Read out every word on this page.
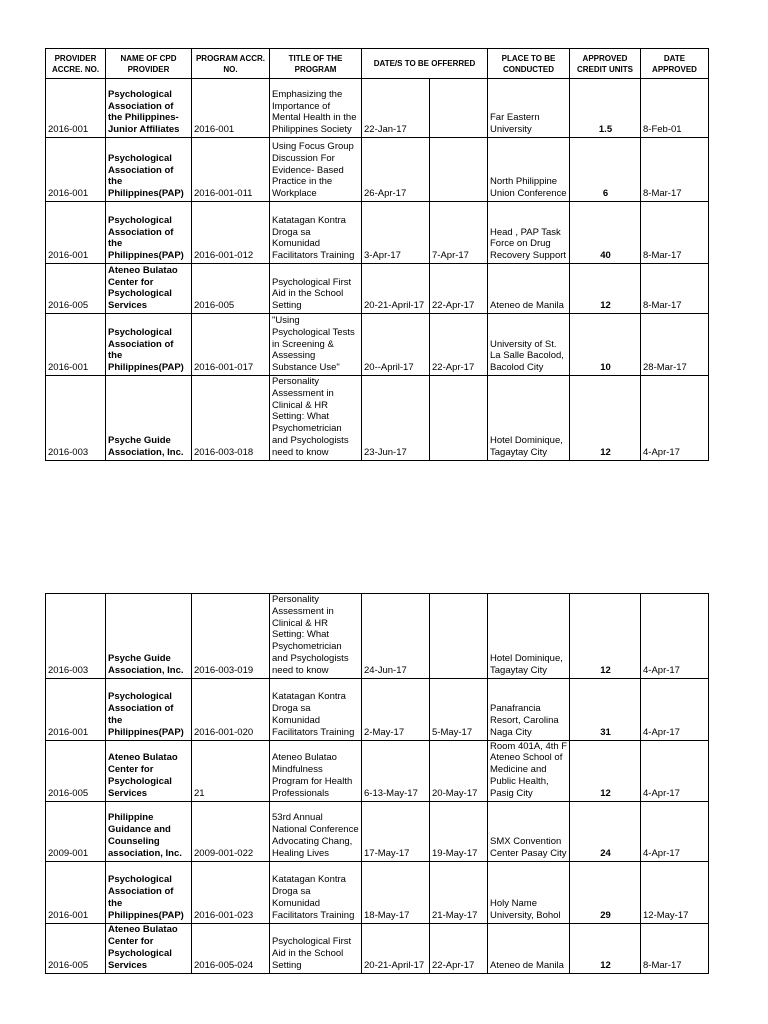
PROVIDER ACCRE. NO.	NAME OF CPD PROVIDER	PROGRAM ACCR. NO.	TITLE OF THE PROGRAM	DATE/S TO BE OFFERRED		PLACE TO BE CONDUCTED	APPROVED CREDIT UNITS	DATE APPROVED
2016-001	Psychological Association of the Philippines- Junior Affiliates	2016-001	Emphasizing the Importance of Mental Health in the Philippines Society	22-Jan-17		Far Eastern University	1.5	8-Feb-01
2016-001	Psychological Association of the Philippines(PAP)	2016-001-011	Using Focus Group Discussion For Evidence- Based Practice in the Workplace	26-Apr-17		North Philippine Union Conference	6	8-Mar-17
2016-001	Psychological Association of the Philippines(PAP)	2016-001-012	Katatagan Kontra Droga sa Komunidad Facilitators Training	3-Apr-17	7-Apr-17	Head , PAP Task Force on Drug Recovery Support	40	8-Mar-17
2016-005	Ateneo Bulatao Center for Psychological Services	2016-005	Psychological First Aid in the School Setting	20-21-April-17	22-Apr-17	Ateneo de Manila	12	8-Mar-17
2016-001	Psychological Association of the Philippines(PAP)	2016-001-017	"Using Psychological Tests in Screening & Assessing Substance Use"	20--April-17	22-Apr-17	University of St. La Salle Bacolod, Bacolod City	10	28-Mar-17
2016-003	Psyche Guide Association, Inc.	2016-003-018	Personality Assessment in Clinical & HR Setting: What Psychometrician and Psychologists need to know	23-Jun-17		Hotel Dominique, Tagaytay City	12	4-Apr-17
2016-003	Psyche Guide Association, Inc.	2016-003-019	Personality Assessment in Clinical & HR Setting: What Psychometrician and Psychologists need to know	24-Jun-17		Hotel Dominique, Tagaytay City	12	4-Apr-17
2016-001	Psychological Association of the Philippines(PAP)	2016-001-020	Katatagan Kontra Droga sa Komunidad Facilitators Training	2-May-17	5-May-17	Panafrancia Resort, Carolina Naga City	31	4-Apr-17
2016-005	Ateneo Bulatao Center for Psychological Services	21	Ateneo Bulatao Mindfulness Program for Health Professionals	6-13-May-17	20-May-17	Room 401A, 4th F Ateneo School of Medicine and Public Health, Pasig City	12	4-Apr-17
2009-001	Philippine Guidance and Counseling association, Inc.	2009-001-022	53rd Annual National Conference Advocating Chang, Healing Lives	17-May-17	19-May-17	SMX Convention Center Pasay City	24	4-Apr-17
2016-001	Psychological Association of the Philippines(PAP)	2016-001-023	Katatagan Kontra Droga sa Komunidad Facilitators Training	18-May-17	21-May-17	Holy Name University, Bohol	29	12-May-17
2016-005	Ateneo Bulatao Center for Psychological Services	2016-005-024	Psychological First Aid in the School Setting	20-21-April-17	22-Apr-17	Ateneo de Manila	12	8-Mar-17
